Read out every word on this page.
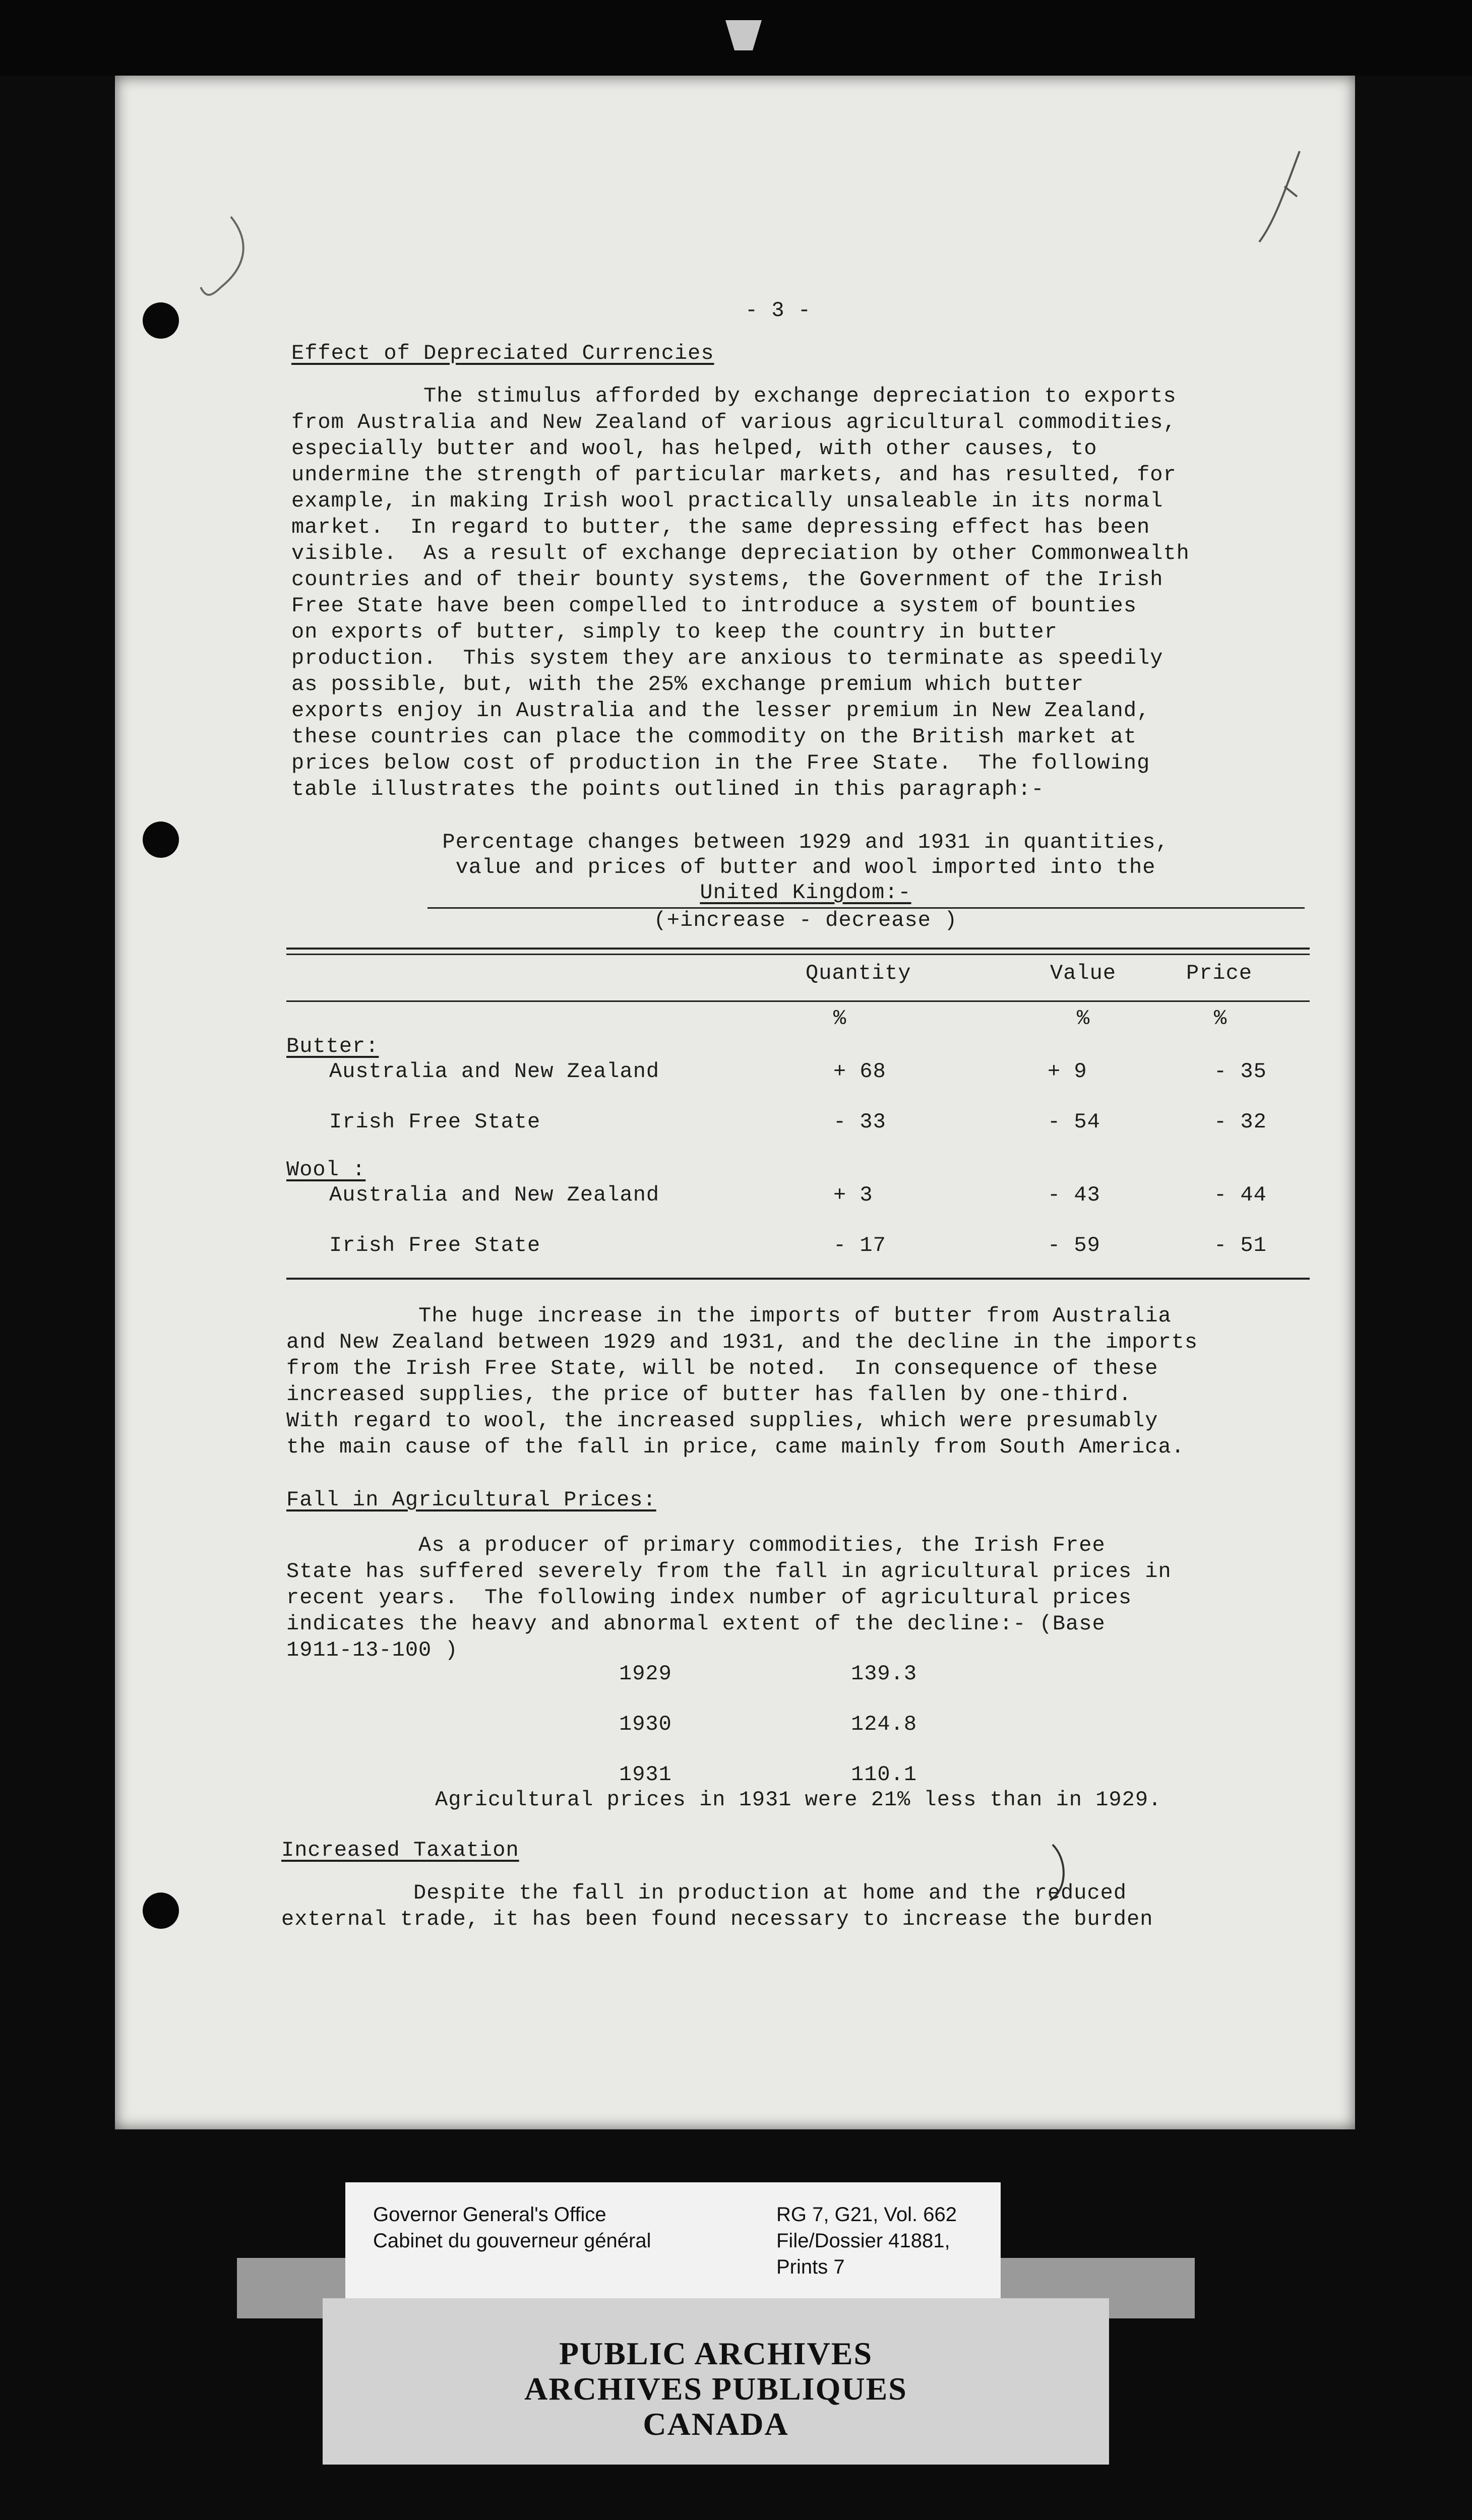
- 3 -
Effect of Depreciated Currencies
The stimulus afforded by exchange depreciation to exports
from Australia and New Zealand of various agricultural commodities,
especially butter and wool, has helped, with other causes, to
undermine the strength of particular markets, and has resulted, for
example, in making Irish wool practically unsaleable in its normal
market.  In regard to butter, the same depressing effect has been
visible.  As a result of exchange depreciation by other Commonwealth
countries and of their bounty systems, the Government of the Irish
Free State have been compelled to introduce a system of bounties
on exports of butter, simply to keep the country in butter
production.  This system they are anxious to terminate as speedily
as possible, but, with the 25% exchange premium which butter
exports enjoy in Australia and the lesser premium in New Zealand,
these countries can place the commodity on the British market at
prices below cost of production in the Free State.  The following
table illustrates the points outlined in this paragraph:-
Percentage changes between 1929 and 1931 in quantities,
value and prices of butter and wool imported into the
United Kingdom:-
(+increase - decrease )
Quantity	Value	Price
%	%	%
Butter:
Australia and New Zealand	+ 68	+ 9	- 35
Irish Free State	- 33	- 54	- 32
Wool :
Australia and New Zealand	+ 3	- 43	- 44
Irish Free State	- 17	- 59	- 51
The huge increase in the imports of butter from Australia
and New Zealand between 1929 and 1931, and the decline in the imports
from the Irish Free State, will be noted.  In consequence of these
increased supplies, the price of butter has fallen by one-third.
With regard to wool, the increased supplies, which were presumably
the main cause of the fall in price, came mainly from South America.
Fall in Agricultural Prices:
As a producer of primary commodities, the Irish Free
State has suffered severely from the fall in agricultural prices in
recent years.  The following index number of agricultural prices
indicates the heavy and abnormal extent of the decline:- (Base
1911-13-100 )
1929	139.3
1930	124.8
1931	110.1
Agricultural prices in 1931 were 21% less than in 1929.
Increased Taxation
Despite the fall in production at home and the reduced
external trade, it has been found necessary to increase the burden
Governor General's Office
Cabinet du gouverneur général
RG 7, G21, Vol. 662
File/Dossier 41881,
Prints 7
PUBLIC ARCHIVES
ARCHIVES PUBLIQUES
CANADA
